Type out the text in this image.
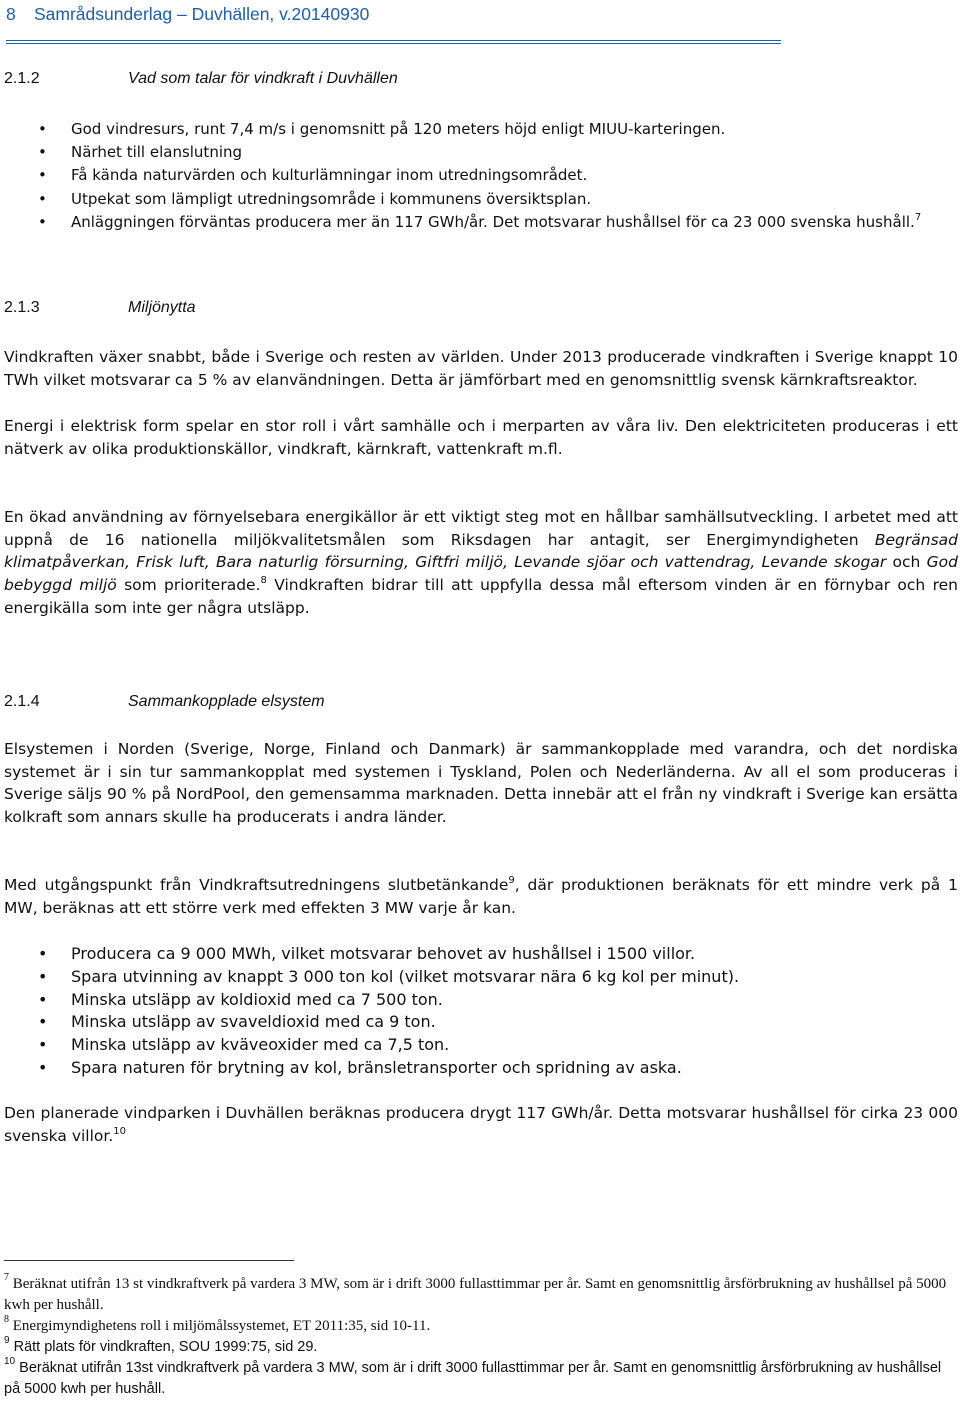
8 Samrådsunderlag – Duvhällen, v.20140930
2.1.2	Vad som talar för vindkraft i Duvhällen
• God vindresurs, runt 7,4 m/s i genomsnitt på 120 meters höjd enligt MIUU-karteringen.
• Närhet till elanslutning
• Få kända naturvärden och kulturlämningar inom utredningsområdet.
• Utpekat som lämpligt utredningsområde i kommunens översiktsplan.
• Anläggningen förväntas producera mer än 117 GWh/år. Det motsvarar hushållsel för ca 23 000 svenska hushåll.$^7$
2.1.3	Miljönytta

Vindkraften växer snabbt, både i Sverige och resten av världen. Under 2013 producerade vindkraften i Sverige knappt 10 TWh vilket motsvarar ca 5 % av elanvändningen. Detta är jämförbart med en genomsnittlig svensk kärnkraftsreaktor.

Energi i elektrisk form spelar en stor roll i vårt samhälle och i merparten av våra liv. Den elektriciteten produceras i ett nätverk av olika produktionskällor, vindkraft, kärnkraft, vattenkraft m.fl.

En ökad användning av förnyelsebara energikällor är ett viktigt steg mot en hållbar samhällsutveckling. I arbetet med att uppnå de 16 nationella miljökvalitetsmålen som Riksdagen har antagit, ser Energimyndigheten Begränsad klimatpåverkan, Frisk luft, Bara naturlig försurning, Giftfri miljö, Levande sjöar och vattendrag, Levande skogar och God bebyggd miljö som prioriterade.$^8$ Vindkraften bidrar till att uppfylla dessa mål eftersom vinden är en förnybar och ren energikälla som inte ger några utsläpp.

2.1.4	Sammankopplade elsystem

Elsystemen i Norden (Sverige, Norge, Finland och Danmark) är sammankopplade med varandra, och det nordiska systemet är i sin tur sammankopplat med systemen i Tyskland, Polen och Nederländerna. Av all el som produceras i Sverige säljs 90 % på NordPool, den gemensamma marknaden. Detta innebär att el från ny vindkraft i Sverige kan ersätta kolkraft som annars skulle ha producerats i andra länder.

Med utgångspunkt från Vindkraftsutredningens slutbetänkande$^9$, där produktionen beräknats för ett mindre verk på 1 MW, beräknas att ett större verk med effekten 3 MW varje år kan.

• Producera ca 9 000 MWh, vilket motsvarar behovet av hushållsel i 1500 villor.
• Spara utvinning av knappt 3 000 ton kol (vilket motsvarar nära 6 kg kol per minut).
• Minska utsläpp av koldioxid med ca 7 500 ton.
• Minska utsläpp av svaveldioxid med ca 9 ton.
• Minska utsläpp av kväveoxider med ca 7,5 ton.
• Spara naturen för brytning av kol, bränsletransporter och spridning av aska.

Den planerade vindparken i Duvhällen beräknas producera drygt 117 GWh/år. Detta motsvarar hushållsel för cirka 23 000 svenska villor.$^{10}$

$^7$ Beräknat utifrån 13 st vindkraftverk på vardera 3 MW, som är i drift 3000 fullasttimmar per år. Samt en genomsnittlig årsförbrukning av hushållsel på 5000 kwh per hushåll.

$^8$ Energimyndighetens roll i miljömålssystemet, ET 2011:35, sid 10-11.

$^9$ Rätt plats för vindkraften, SOU 1999:75, sid 29.

$^{10}$ Beräknat utifrån 13st vindkraftverk på vardera 3 MW, som är i drift 3000 fullasttimmar per år. Samt en genomsnittlig årsförbrukning av hushållsel på 5000 kwh per hushåll.
